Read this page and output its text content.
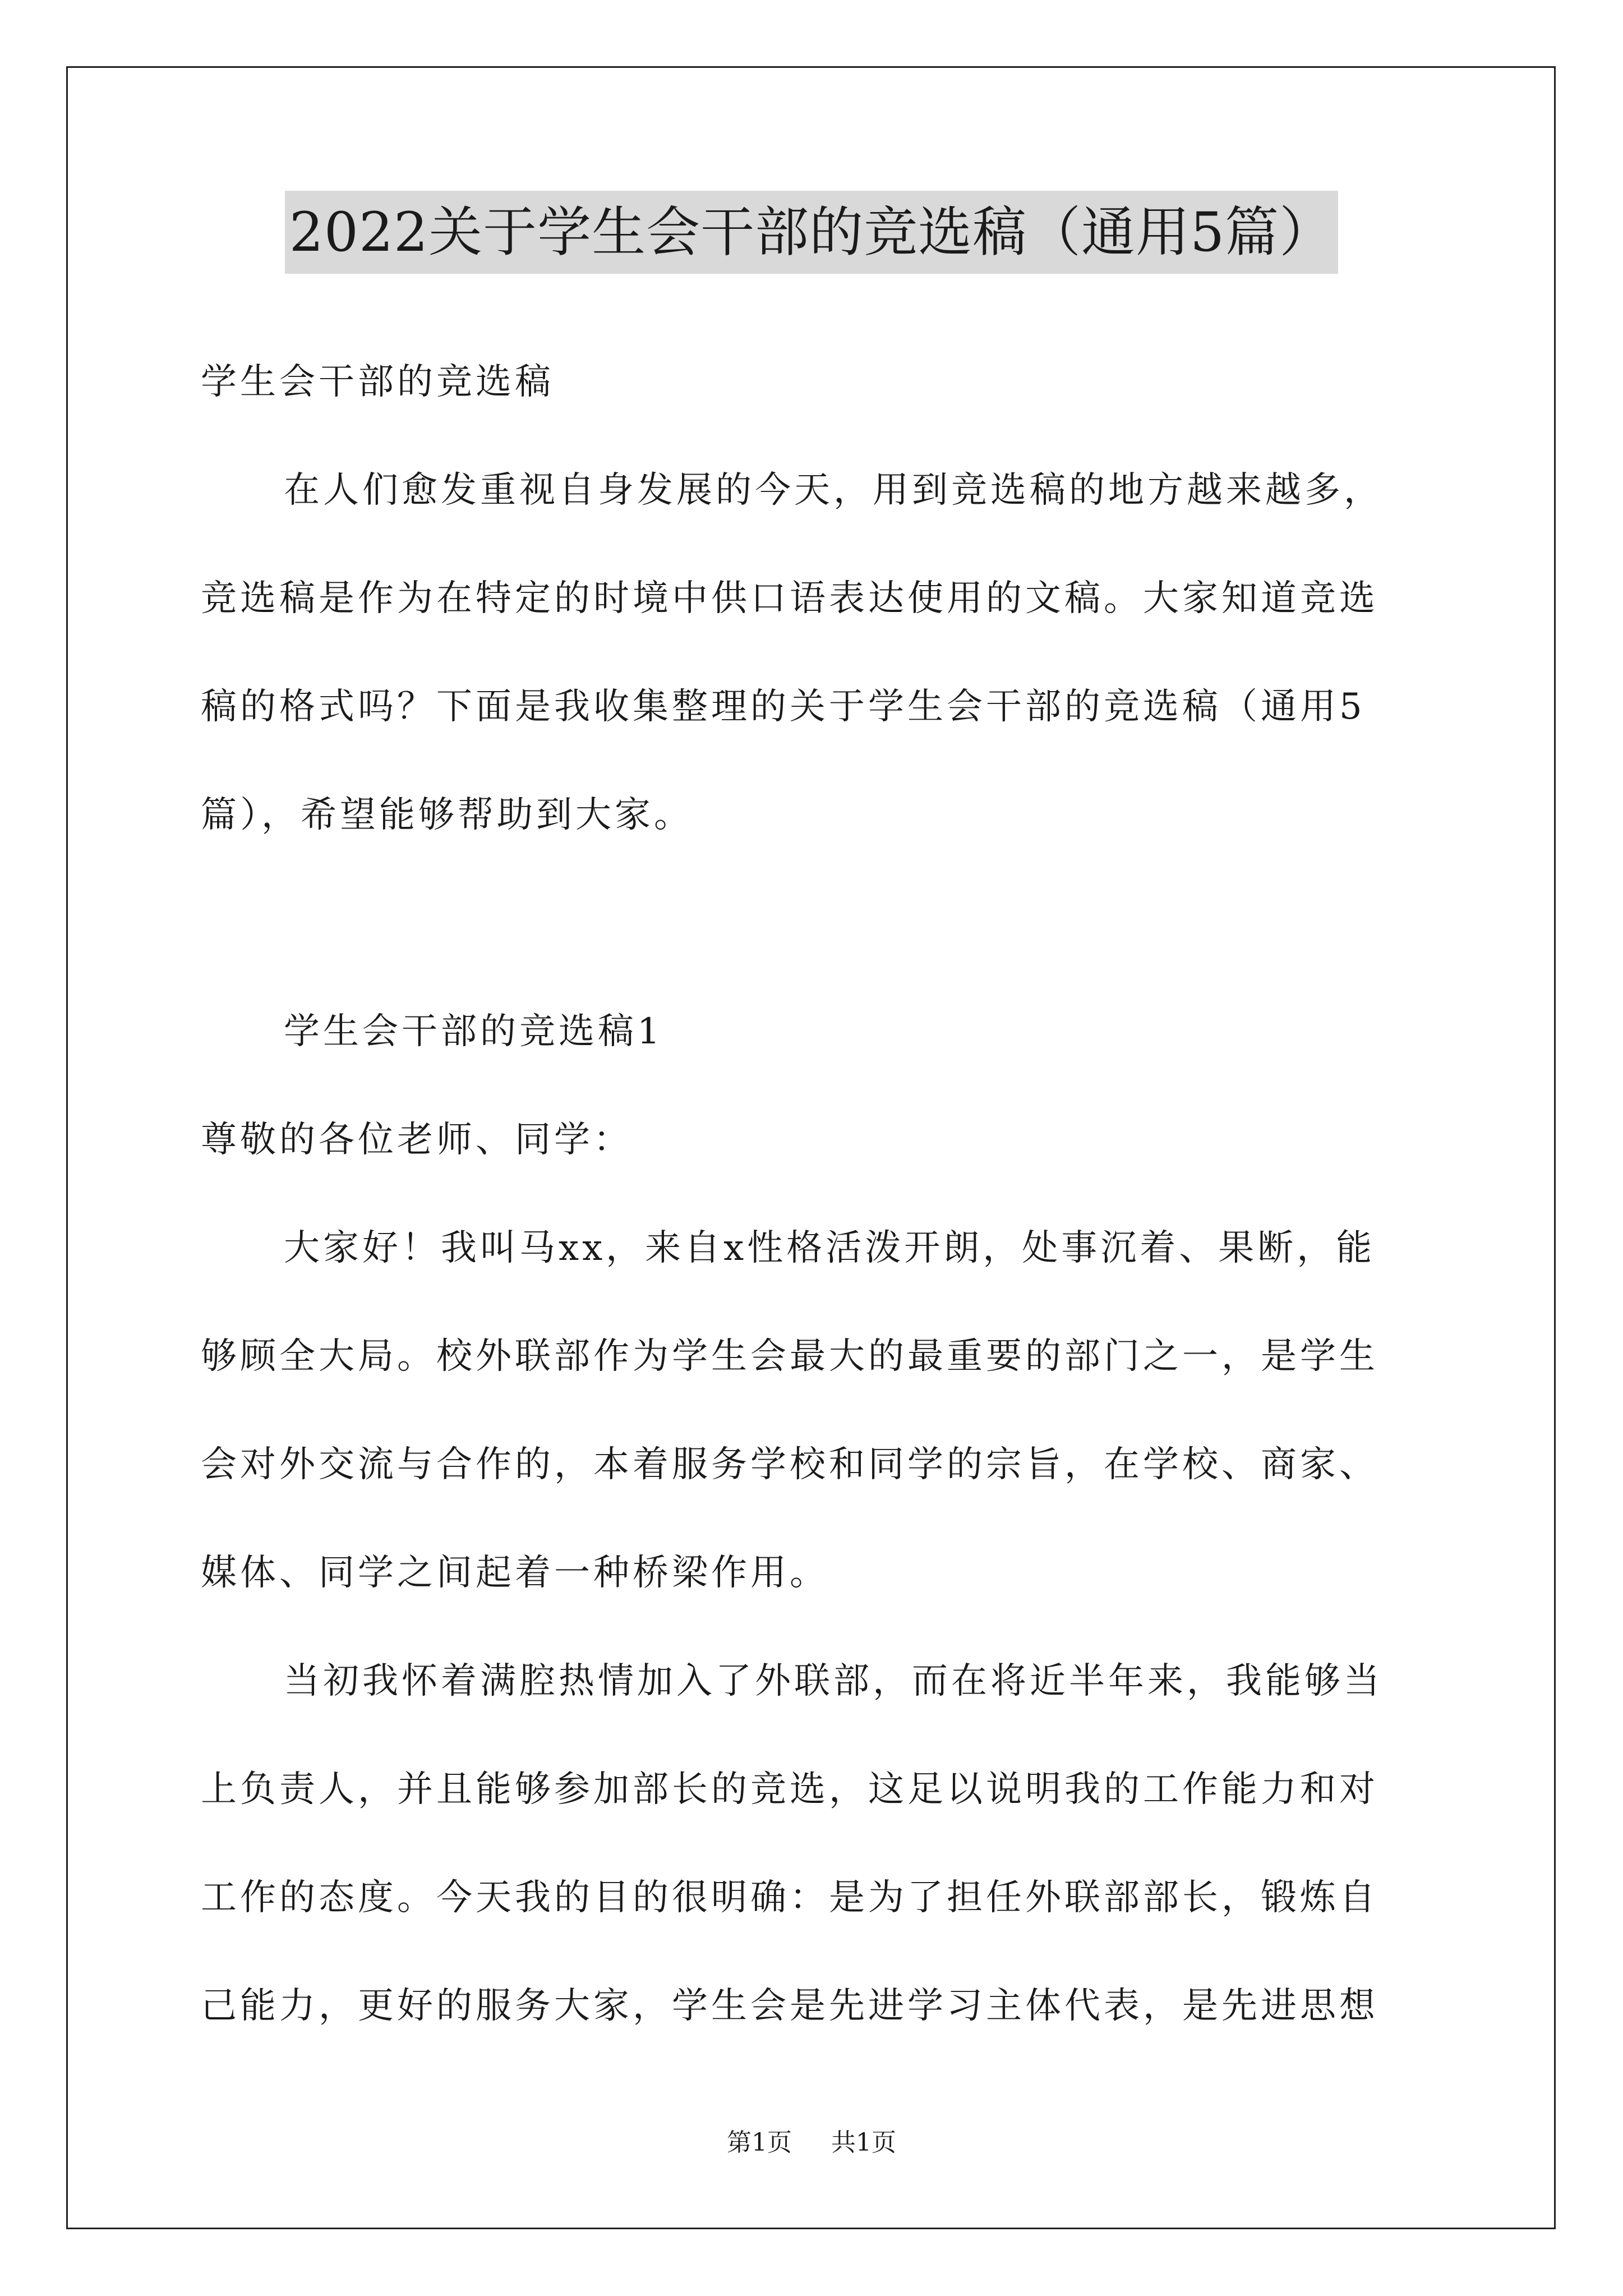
2022关于学生会干部的竞选稿（通用5篇）
学生会干部的竞选稿
在人们愈发重视自身发展的今天，用到竞选稿的地方越来越多，
竞选稿是作为在特定的时境中供口语表达使用的文稿。大家知道竞选
稿的格式吗？下面是我收集整理的关于学生会干部的竞选稿（通用5
篇），希望能够帮助到大家。
学生会干部的竞选稿1
尊敬的各位老师、同学：
大家好！我叫马xx，来自x性格活泼开朗，处事沉着、果断，能
够顾全大局。校外联部作为学生会最大的最重要的部门之一，是学生
会对外交流与合作的，本着服务学校和同学的宗旨，在学校、商家、
媒体、同学之间起着一种桥梁作用。
当初我怀着满腔热情加入了外联部，而在将近半年来，我能够当
上负责人，并且能够参加部长的竞选，这足以说明我的工作能力和对
工作的态度。今天我的目的很明确：是为了担任外联部部长，锻炼自
己能力，更好的服务大家，学生会是先进学习主体代表，是先进思想
第1页 共1页
